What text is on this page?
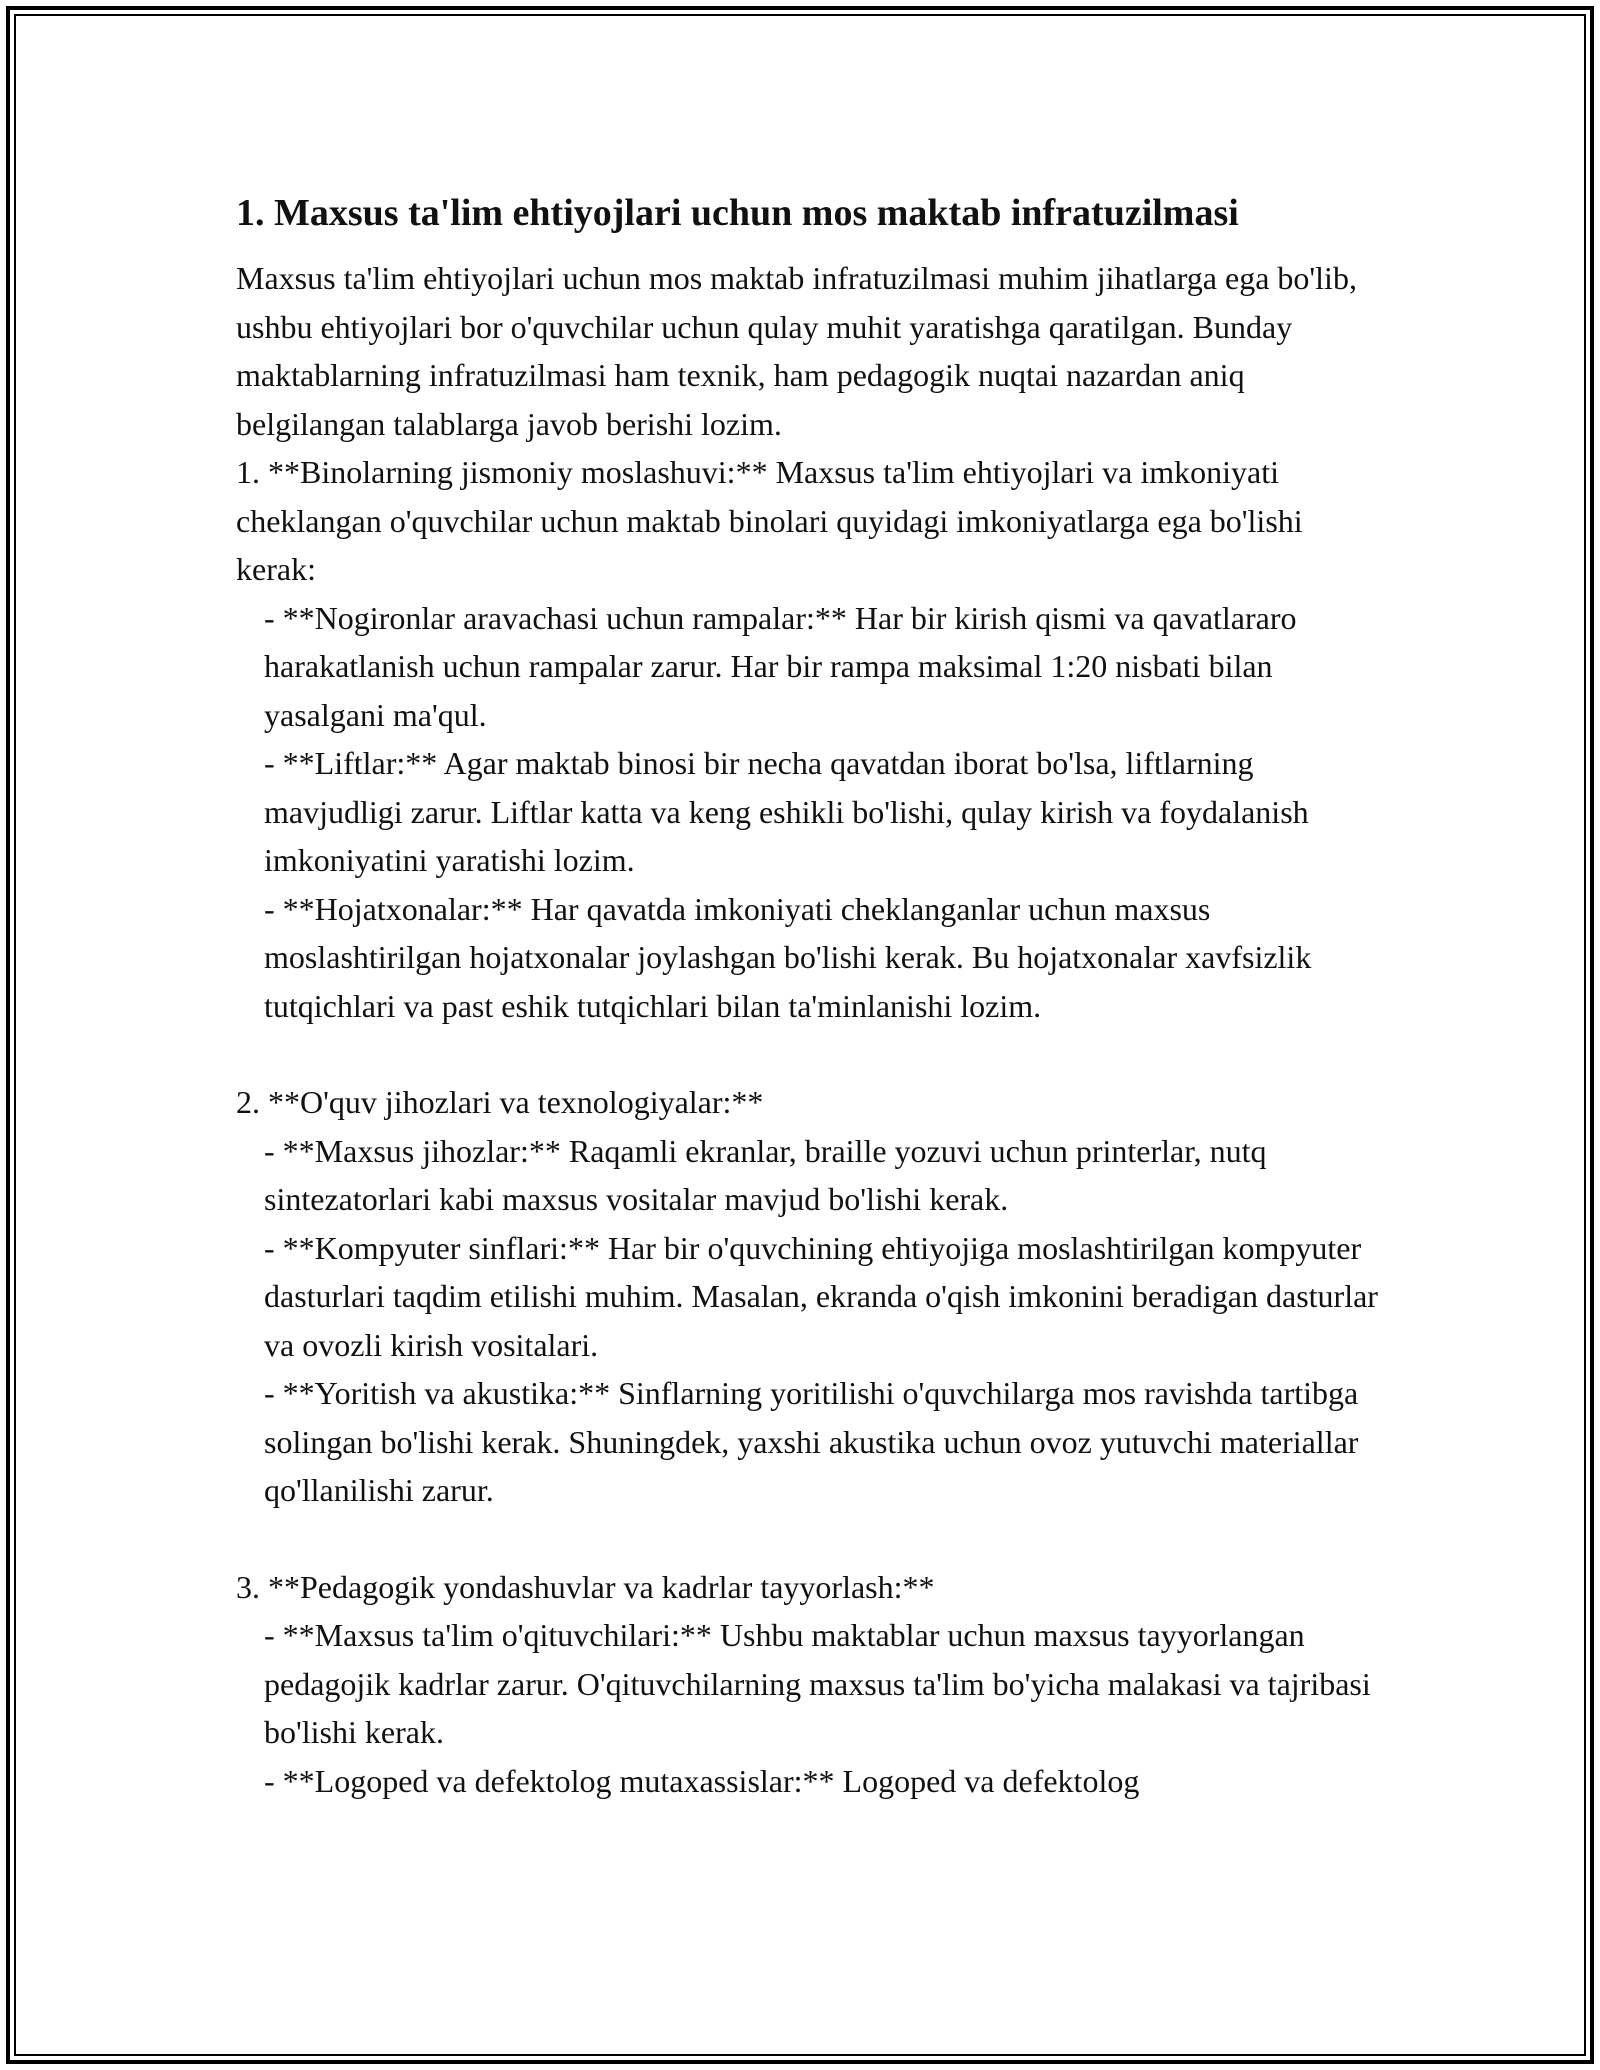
1. Maxsus ta'lim ehtiyojlari uchun mos maktab infratuzilmasi

Maxsus ta'lim ehtiyojlari uchun mos maktab infratuzilmasi muhim jihatlarga ega bo'lib, ushbu ehtiyojlari bor o'quvchilar uchun qulay muhit yaratishga qaratilgan. Bunday maktablarning infratuzilmasi ham texnik, ham pedagogik nuqtai nazardan aniq belgilangan talablarga javob berishi lozim.

1. **Binolarning jismoniy moslashuvi:** Maxsus ta'lim ehtiyojlari va imkoniyati cheklangan o'quvchilar uchun maktab binolari quyidagi imkoniyatlarga ega bo'lishi kerak:

- **Nogironlar aravachasi uchun rampalar:** Har bir kirish qismi va qavatlararo harakatlanish uchun rampalar zarur. Har bir rampa maksimal 1:20 nisbati bilan yasalgani ma'qul.

- **Liftlar:** Agar maktab binosi bir necha qavatdan iborat bo'lsa, liftlarning mavjudligi zarur. Liftlar katta va keng eshikli bo'lishi, qulay kirish va foydalanish imkoniyatini yaratishi lozim.

- **Hojatxonalar:** Har qavatda imkoniyati cheklanganlar uchun maxsus moslashtirilgan hojatxonalar joylashgan bo'lishi kerak. Bu hojatxonalar xavfsizlik tutqichlari va past eshik tutqichlari bilan ta'minlanishi lozim.

2. **O'quv jihozlari va texnologiyalar:**

- **Maxsus jihozlar:** Raqamli ekranlar, braille yozuvi uchun printerlar, nutq sintezatorlari kabi maxsus vositalar mavjud bo'lishi kerak.

- **Kompyuter sinflari:** Har bir o'quvchining ehtiyojiga moslashtirilgan kompyuter dasturlari taqdim etilishi muhim. Masalan, ekranda o'qish imkonini beradigan dasturlar va ovozli kirish vositalari.

- **Yoritish va akustika:** Sinflarning yoritilishi o'quvchilarga mos ravishda tartibga solingan bo'lishi kerak. Shuningdek, yaxshi akustika uchun ovoz yutuvchi materiallar qo'llanilishi zarur.

3. **Pedagogik yondashuvlar va kadrlar tayyorlash:**

- **Maxsus ta'lim o'qituvchilari:** Ushbu maktablar uchun maxsus tayyorlangan pedagojik kadrlar zarur. O'qituvchilarning maxsus ta'lim bo'yicha malakasi va tajribasi bo'lishi kerak.

- **Logoped va defektolog mutaxassislar:** Logoped va defektolog
